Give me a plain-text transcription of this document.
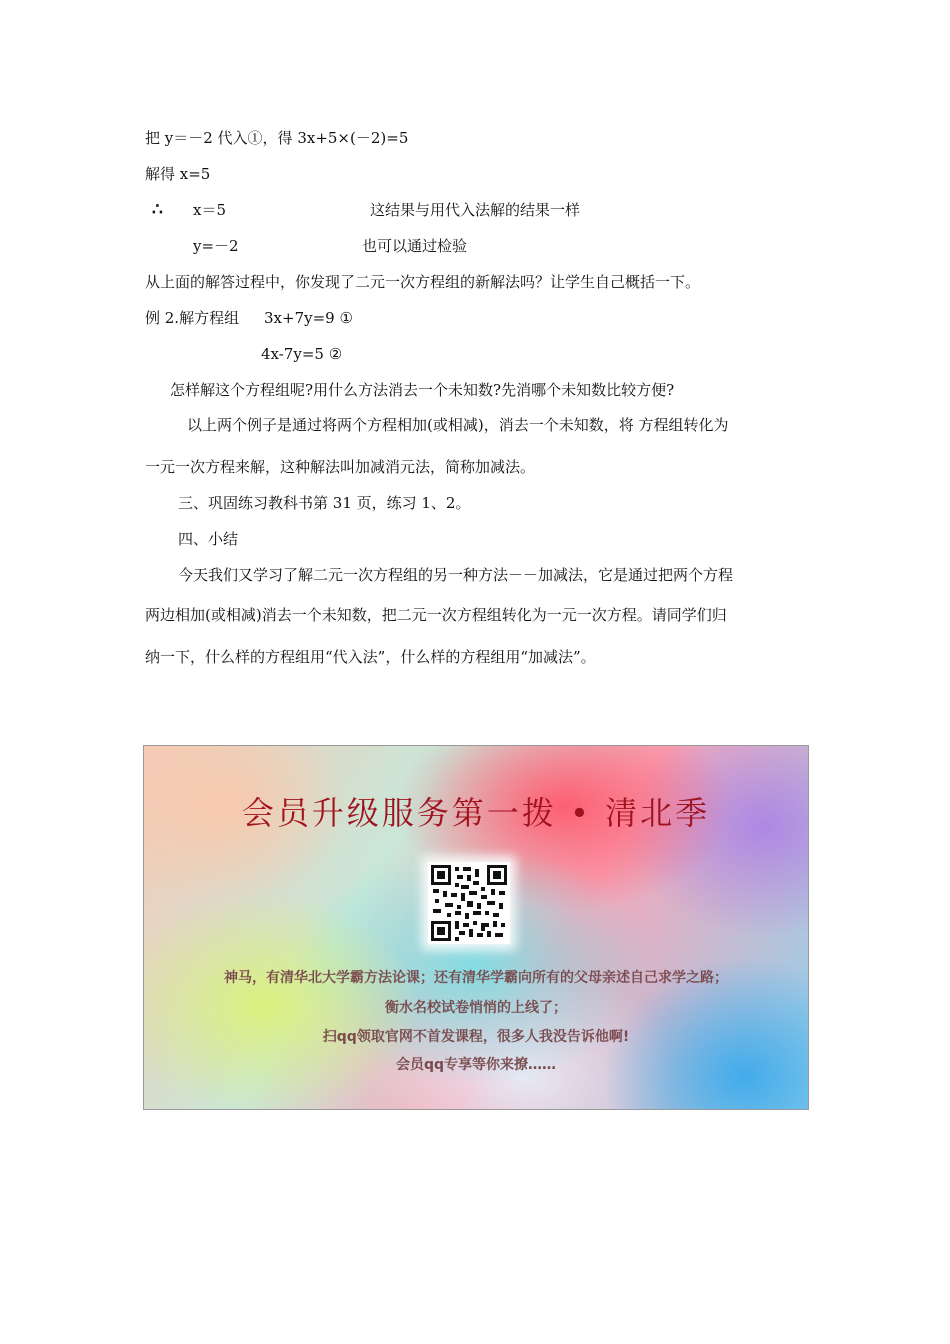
把 y＝－2 代入①，得 3x+5×(－2)=5
解得 x=5
∴ x＝5	这结果与用代入法解的结果一样
y=－2	也可以通过检验
从上面的解答过程中，你发现了二元一次方程组的新解法吗？让学生自己概括一下。
例 2.解方程组 3x+7y=9 ①
4x-7y=5 ②
怎样解这个方程组呢?用什么方法消去一个未知数?先消哪个未知数比较方便?
以上两个例子是通过将两个方程相加(或相减)，消去一个未知数，将 方程组转化为
一元一次方程来解，这种解法叫加减消元法，简称加减法。
三、巩固练习教科书第 31 页，练习 1、2。
四、小结
今天我们又学习了解二元一次方程组的另一种方法－－加减法，它是通过把两个方程
两边相加(或相减)消去一个未知数，把二元一次方程组转化为一元一次方程。请同学们归
纳一下，什么样的方程组用“代入法”，什么样的方程组用“加减法”。
会员升级服务第一拨 • 清北季
神马，有清华北大学霸方法论课；还有清华学霸向所有的父母亲述自己求学之路；
衡水名校试卷悄悄的上线了；
扫qq领取官网不首发课程，很多人我没告诉他啊!
会员qq专享等你来撩……
